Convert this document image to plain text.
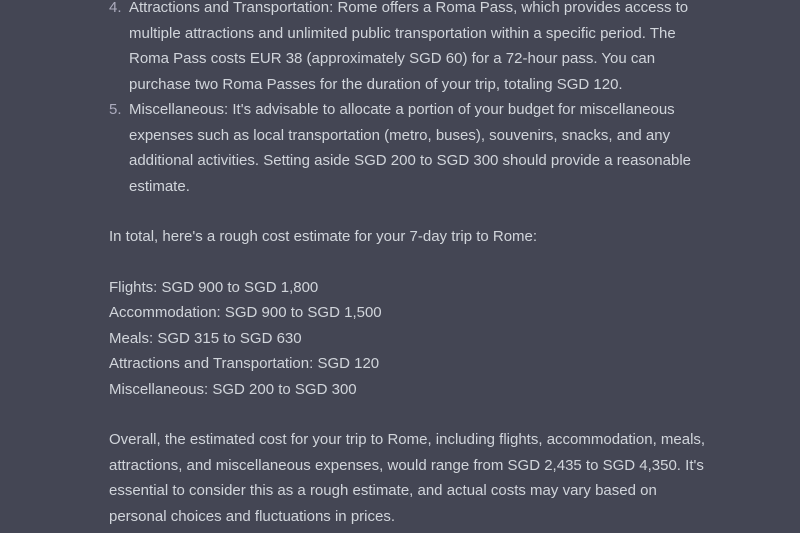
4. Attractions and Transportation: Rome offers a Roma Pass, which provides access to multiple attractions and unlimited public transportation within a specific period. The Roma Pass costs EUR 38 (approximately SGD 60) for a 72-hour pass. You can purchase two Roma Passes for the duration of your trip, totaling SGD 120.
5. Miscellaneous: It's advisable to allocate a portion of your budget for miscellaneous expenses such as local transportation (metro, buses), souvenirs, snacks, and any additional activities. Setting aside SGD 200 to SGD 300 should provide a reasonable estimate.

In total, here's a rough cost estimate for your 7-day trip to Rome:

Flights: SGD 900 to SGD 1,800
Accommodation: SGD 900 to SGD 1,500
Meals: SGD 315 to SGD 630
Attractions and Transportation: SGD 120
Miscellaneous: SGD 200 to SGD 300

Overall, the estimated cost for your trip to Rome, including flights, accommodation, meals, attractions, and miscellaneous expenses, would range from SGD 2,435 to SGD 4,350. It's essential to consider this as a rough estimate, and actual costs may vary based on personal choices and fluctuations in prices.
